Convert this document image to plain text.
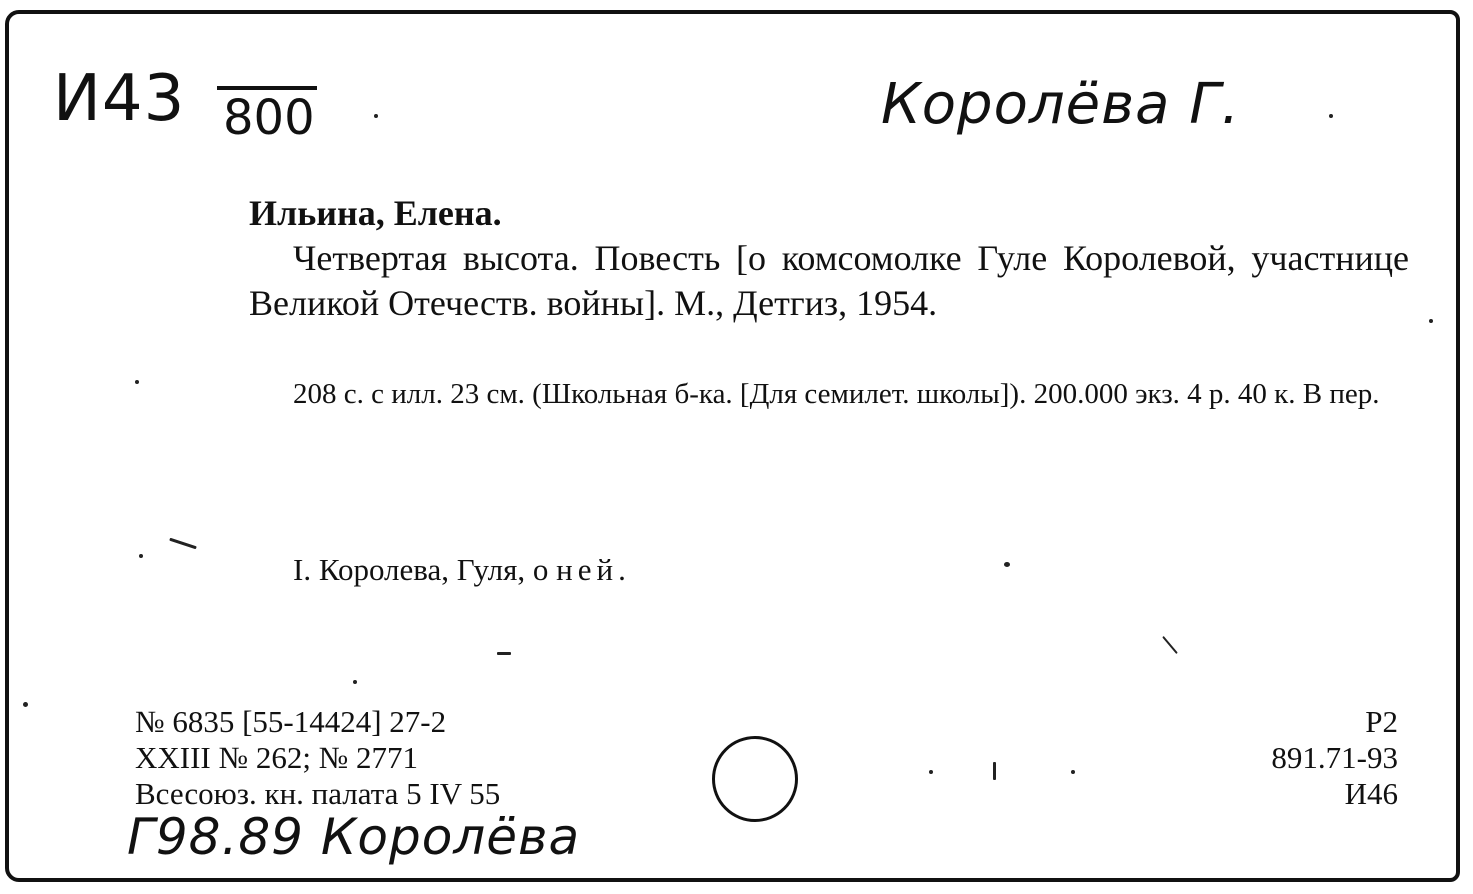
И43 800	Королёва Г.
Ильина, Елена.
Четвертая высота. Повесть [о комсомолке Гуле Королевой, участнице Великой Отечеств. войны]. М., Детгиз, 1954.
208 с. с илл. 23 см. (Школьная б-ка. [Для семилет. школы]). 200.000 экз. 4 р. 40 к. В пер.
I. Королева, Гуля, о ней.
№ 6835 [55-14424] 27-2
XXIII № 262; № 2771
Всесоюз. кн. палата 5 IV 55
Р2
891.71-93
И46
Г98.89 Королёва
